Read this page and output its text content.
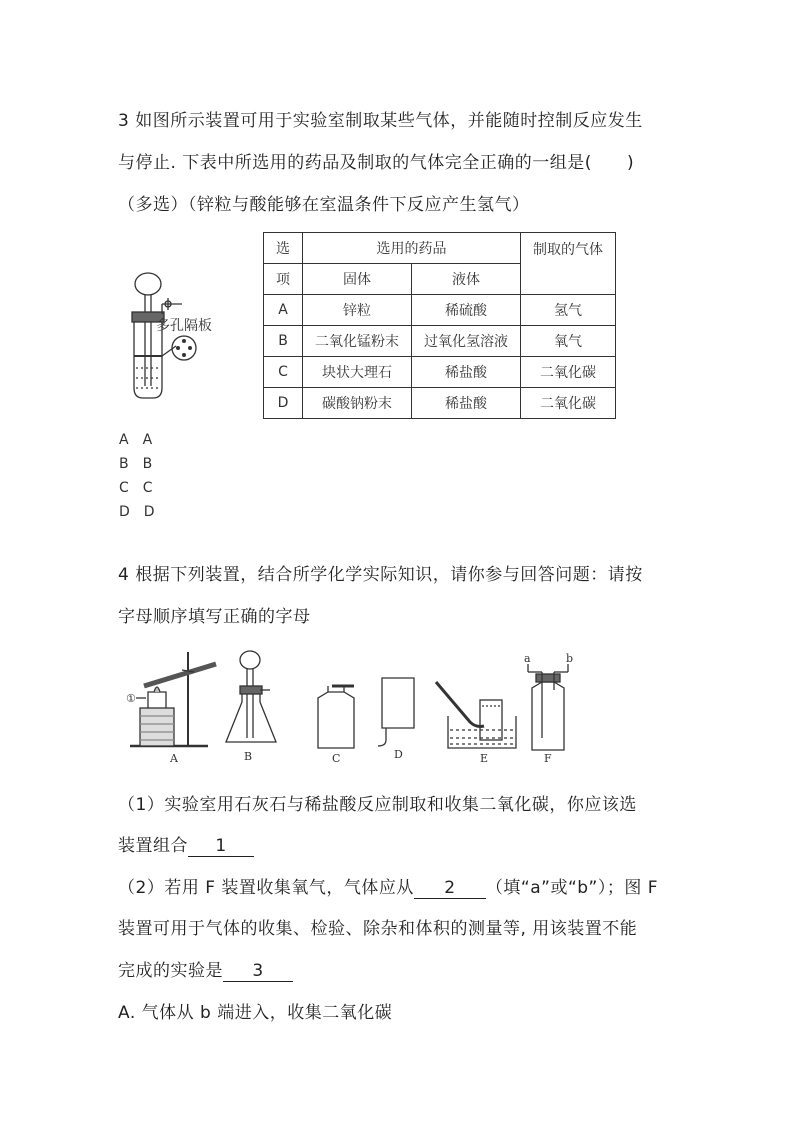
3 如图所示装置可用于实验室制取某些气体，并能随时控制反应发生
与停止. 下表中所选用的药品及制取的气体完全正确的一组是(　　)
（多选）（锌粒与酸能够在室温条件下反应产生氢气）
多孔隔板
选	选用的药品		制取的气体
项	固体	液体	
A	锌粒	稀硫酸	氢气
B	二氧化锰粉末	过氧化氢溶液	氧气
C	块状大理石	稀盐酸	二氧化碳
D	碳酸钠粉末	稀盐酸	二氧化碳
A A
B B
C C
D D
4 根据下列装置，结合所学化学实际知识，请你参与回答问题：请按
字母顺序填写正确的字母
①
a	b
A	B	C	D	E	F
（1）实验室用石灰石与稀盐酸反应制取和收集二氧化碳，你应该选
装置组合 1
（2）若用 F 装置收集氧气，气体应从 2 （填“a”或“b”）；图 F
装置可用于气体的收集、检验、除杂和体积的测量等, 用该装置不能
完成的实验是 3
A. 气体从 b 端进入，收集二氧化碳
